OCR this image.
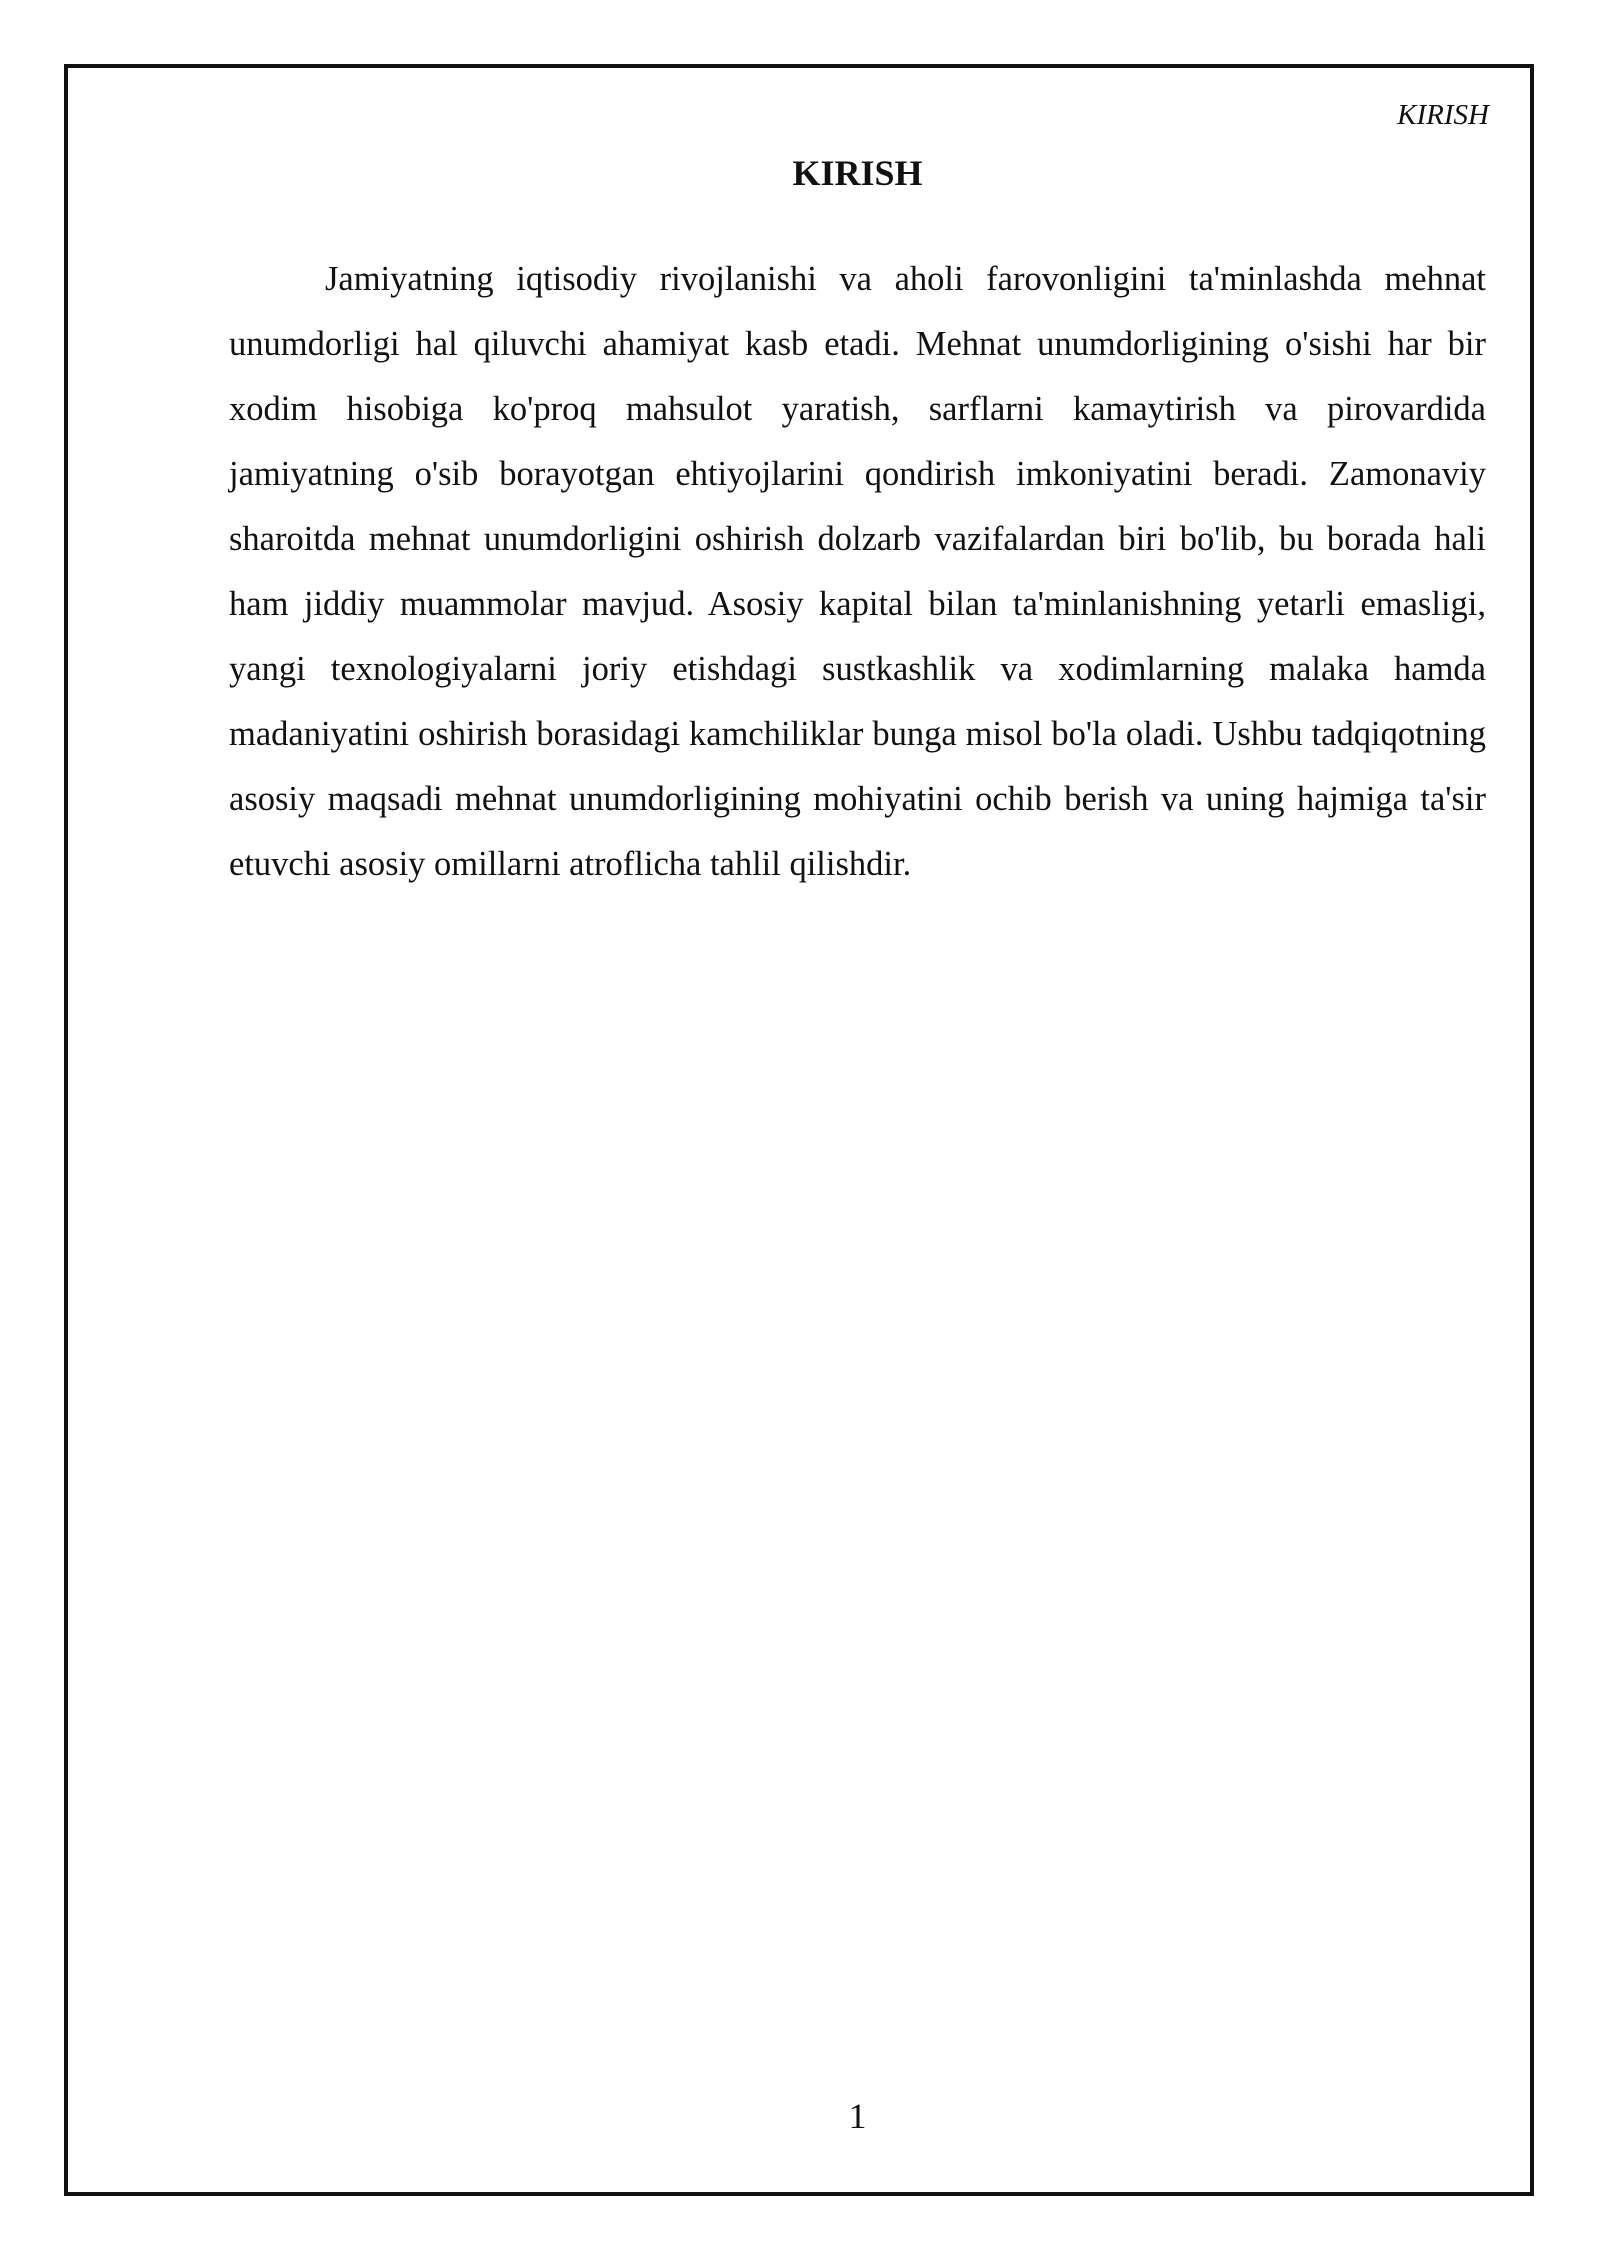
KIRISH
KIRISH

Jamiyatning iqtisodiy rivojlanishi va aholi farovonligini ta'minlashda mehnat unumdorligi hal qiluvchi ahamiyat kasb etadi. Mehnat unumdorligining o'sishi har bir xodim hisobiga ko'proq mahsulot yaratish, sarflarni kamaytirish va pirovardida jamiyatning o'sib borayotgan ehtiyojlarini qondirish imkoniyatini beradi. Zamonaviy sharoitda mehnat unumdorligini oshirish dolzarb vazifalardan biri bo'lib, bu borada hali ham jiddiy muammolar mavjud. Asosiy kapital bilan ta'minlanishning yetarli emasligi, yangi texnologiyalarni joriy etishdagi sustkashlik va xodimlarning malaka hamda madaniyatini oshirish borasidagi kamchiliklar bunga misol bo'la oladi. Ushbu tadqiqotning asosiy maqsadi mehnat unumdorligining mohiyatini ochib berish va uning hajmiga ta'sir etuvchi asosiy omillarni atroflicha tahlil qilishdir.

1
